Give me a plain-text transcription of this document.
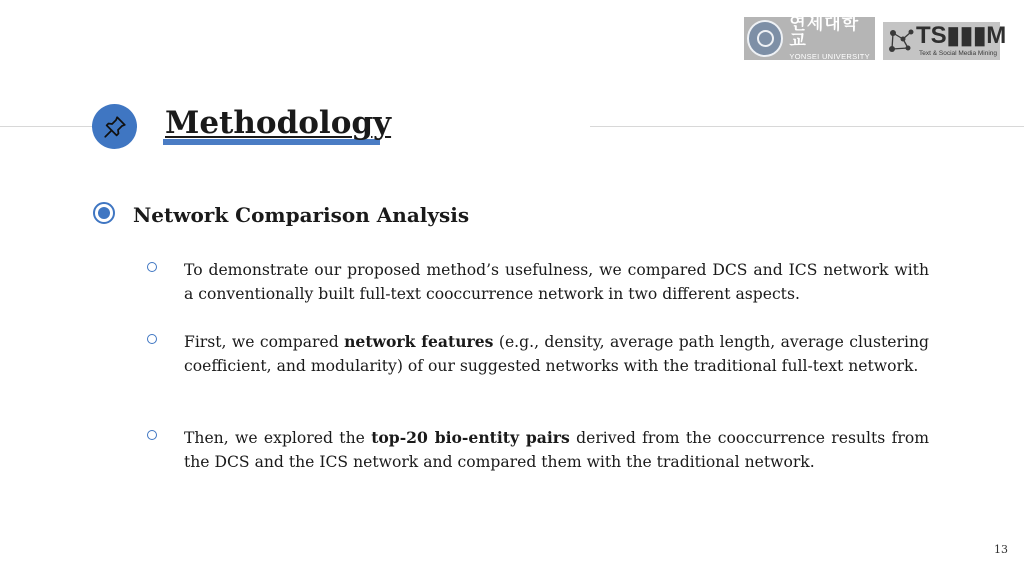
연세대학교
YONSEI UNIVERSITY
TS▮▮▮M
Text & Social Media Mining
Methodology
Network Comparison Analysis
To demonstrate our proposed method’s usefulness, we compared DCS and ICS network with a conventionally built full-text cooccurrence network in two different aspects.
First, we compared network features (e.g., density, average path length, average clustering coefficient, and modularity) of our suggested networks with the traditional full-text network.
Then, we explored the top-20 bio-entity pairs derived from the cooccurrence results from the DCS and the ICS network and compared them with the traditional network.
13
